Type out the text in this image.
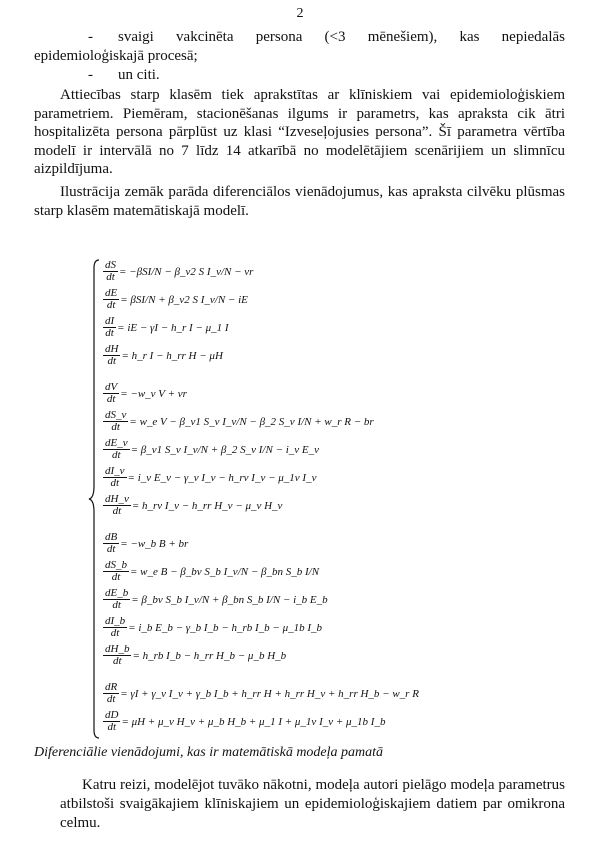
2
- svaigi vakcinēta persona (<3 mēnešiem), kas nepiedalās
epidemioloģiskajā procesā;
- un citi.
Attiecības starp klasēm tiek aprakstītas ar klīniskiem vai epidemioloģiskiem parametriem. Piemēram, stacionēšanas ilgums ir parametrs, kas apraksta cik ātri hospitalizēta persona pārplūst uz klasi “Izveseļojusies persona”. Šī parametra vērtība modelī ir intervālā no 7 līdz 14 atkarībā no modelētājiem scenārijiem un slimnīcu aizpildījuma.
Ilustrācija zemāk parāda diferenciālos vienādojumus, kas apraksta cilvēku plūsmas starp klasēm matemātiskajā modelī.
$\frac{dS}{dt} = -\beta SI/N$ − β_v2 S I_v/N − vr
$\frac{dE}{dt} = \beta SI/N$ + β_v2 S I_v/N − iE
$\frac{dI}{dt}$ = iE − γI − h_r I − μ_1 I
$\frac{dH}{dt}$ = h_r I − h_rr H − μH
$\frac{dV}{dt}$ = −w_v V + vr
$\frac{dS\_v}{dt}$ = w_e V − β_v1 S_v I_v/N − β_2 S_v I/N + w_r R − br
$\frac{dE\_v}{dt}$ = β_v1 S_v I_v/N + β_2 S_v I/N − i_v E_v
$\frac{dI\_v}{dt}$ = i_v E_v − γ_v I_v − h_rv I_v − μ_1v I_v
$\frac{dH\_v}{dt}$ = h_rv I_v − h_rr H_v − μ_v H_v
$\frac{dB}{dt}$ = −w_b B + br
$\frac{dS\_b}{dt}$ = w_e B − β_bv S_b I_v/N − β_bn S_b I/N
$\frac{dE\_b}{dt}$ = β_bv S_b I_v/N + β_bn S_b I/N − i_b E_b
$\frac{dI\_b}{dt}$ = i_b E_b − γ_b I_b − h_rb I_b − μ_1b I_b
$\frac{dH\_b}{dt}$ = h_rb I_b − h_rr H_b − μ_b H_b
$\frac{dR}{dt} = \gamma I$ + γ_v I_v + γ_b I_b + h_rr H + h_rr H_v + h_rr H_b − w_r R
$\frac{dD}{dt} = \mu H$ + μ_v H_v + μ_b H_b + μ_1 I + μ_1v I_v + μ_1b I_b
Diferenciālie vienādojumi, kas ir matemātiskā modeļa pamatā
Katru reizi, modelējot tuvāko nākotni, modeļa autori pielāgo modeļa parametrus atbilstoši svaigākajiem klīniskajiem un epidemioloģiskajiem datiem par omikrona celmu.
